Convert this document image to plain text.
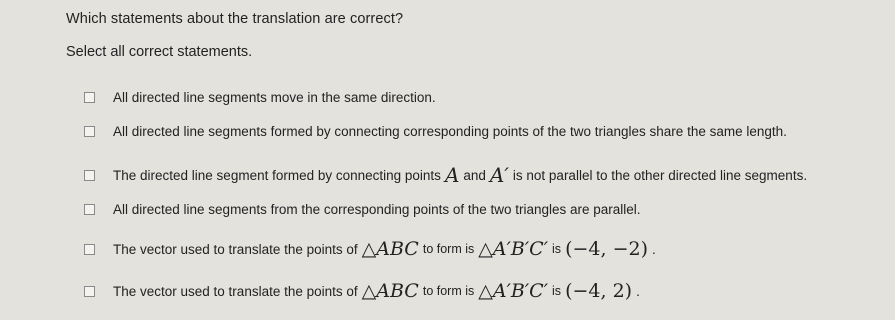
Which statements about the translation are correct?
Select all correct statements.
All directed line segments move in the same direction.
All directed line segments formed by connecting corresponding points of the two triangles share the same length.
The directed line segment formed by connecting points A and A′ is not parallel to the other directed line segments.
All directed line segments from the corresponding points of the two triangles are parallel.
The vector used to translate the points of △ABC to form is △A′B′C′ is (−4, −2) .
The vector used to translate the points of △ABC to form is △A′B′C′ is (−4, 2) .
